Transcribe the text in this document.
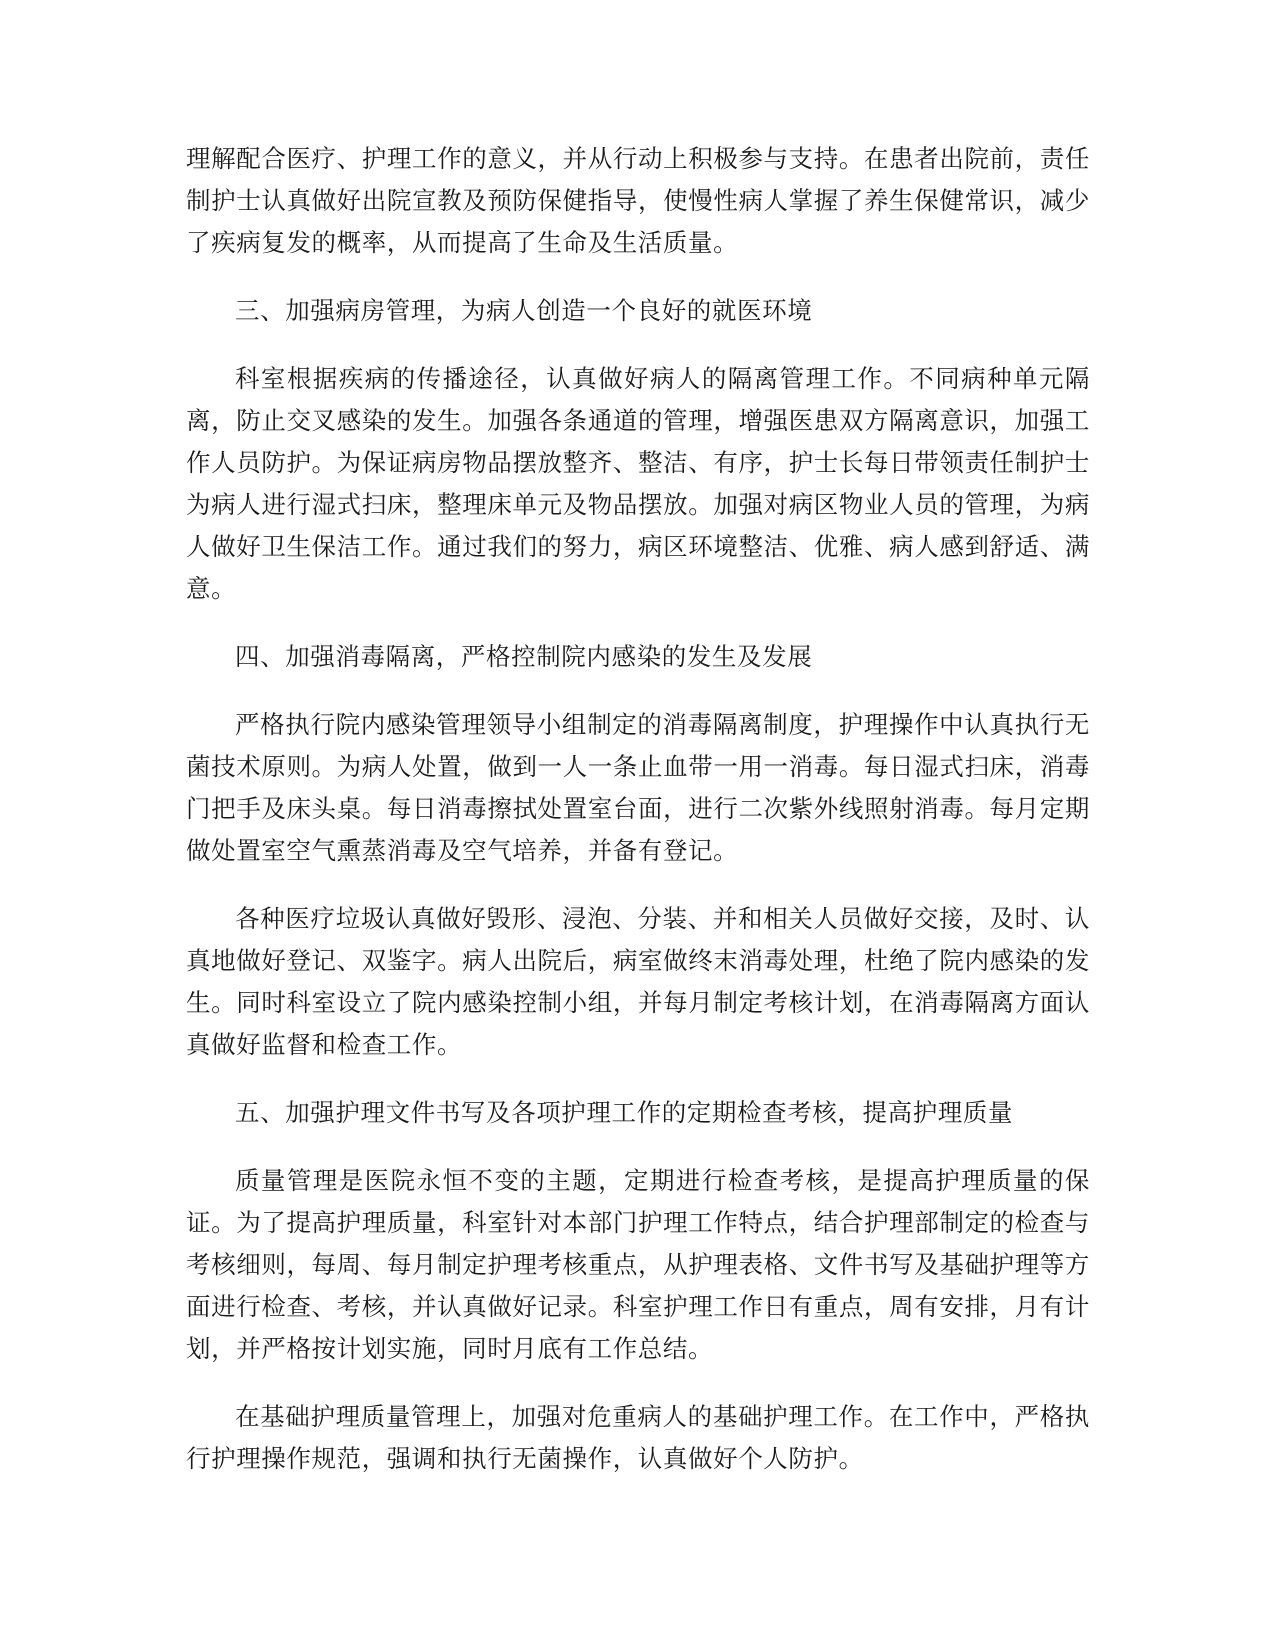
理解配合医疗、护理工作的意义，并从行动上积极参与支持。在患者出院前，责任制护士认真做好出院宣教及预防保健指导，使慢性病人掌握了养生保健常识，减少了疾病复发的概率，从而提高了生命及生活质量。

三、加强病房管理，为病人创造一个良好的就医环境

科室根据疾病的传播途径，认真做好病人的隔离管理工作。不同病种单元隔离，防止交叉感染的发生。加强各条通道的管理，增强医患双方隔离意识，加强工作人员防护。为保证病房物品摆放整齐、整洁、有序，护士长每日带领责任制护士为病人进行湿式扫床，整理床单元及物品摆放。加强对病区物业人员的管理，为病人做好卫生保洁工作。通过我们的努力，病区环境整洁、优雅、病人感到舒适、满意。

四、加强消毒隔离，严格控制院内感染的发生及发展

严格执行院内感染管理领导小组制定的消毒隔离制度，护理操作中认真执行无菌技术原则。为病人处置，做到一人一条止血带一用一消毒。每日湿式扫床，消毒门把手及床头桌。每日消毒擦拭处置室台面，进行二次紫外线照射消毒。每月定期做处置室空气熏蒸消毒及空气培养，并备有登记。

各种医疗垃圾认真做好毁形、浸泡、分装、并和相关人员做好交接，及时、认真地做好登记、双鉴字。病人出院后，病室做终末消毒处理，杜绝了院内感染的发生。同时科室设立了院内感染控制小组，并每月制定考核计划，在消毒隔离方面认真做好监督和检查工作。

五、加强护理文件书写及各项护理工作的定期检查考核，提高护理质量

质量管理是医院永恒不变的主题，定期进行检查考核，是提高护理质量的保证。为了提高护理质量，科室针对本部门护理工作特点，结合护理部制定的检查与考核细则，每周、每月制定护理考核重点，从护理表格、文件书写及基础护理等方面进行检查、考核，并认真做好记录。科室护理工作日有重点，周有安排，月有计划，并严格按计划实施，同时月底有工作总结。

在基础护理质量管理上，加强对危重病人的基础护理工作。在工作中，严格执行护理操作规范，强调和执行无菌操作，认真做好个人防护。
